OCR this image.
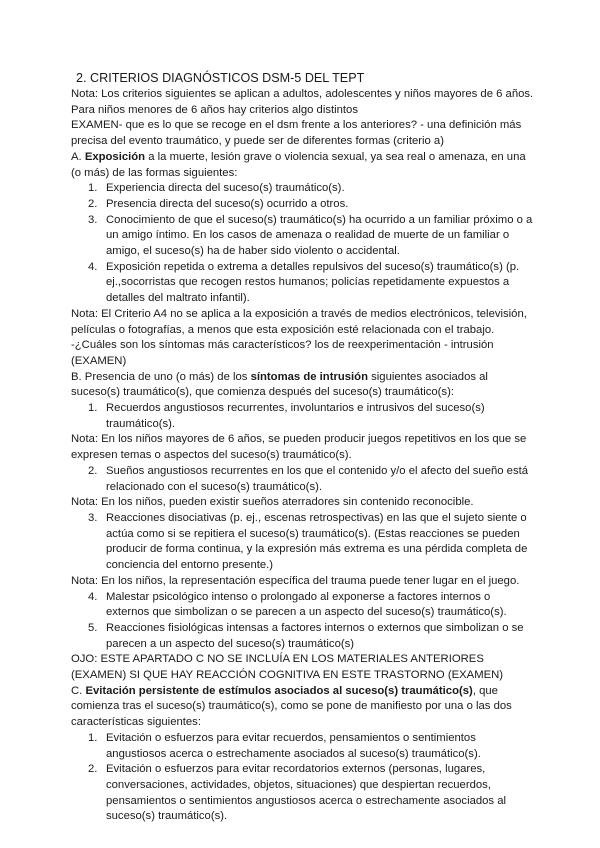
2. CRITERIOS DIAGNÓSTICOS DSM-5 DEL TEPT

Nota: Los criterios siguientes se aplican a adultos, adolescentes y niños mayores de 6 años. Para niños menores de 6 años hay criterios algo distintos

EXAMEN- que es lo que se recoge en el dsm frente a los anteriores? - una definición más precisa del evento traumático, y puede ser de diferentes formas (criterio a)

A. Exposición a la muerte, lesión grave o violencia sexual, ya sea real o amenaza, en una (o más) de las formas siguientes:

1. Experiencia directa del suceso(s) traumático(s).
2. Presencia directa del suceso(s) ocurrido a otros.
3. Conocimiento de que el suceso(s) traumático(s) ha ocurrido a un familiar próximo o a un amigo íntimo. En los casos de amenaza o realidad de muerte de un familiar o amigo, el suceso(s) ha de haber sido violento o accidental.
4. Exposición repetida o extrema a detalles repulsivos del suceso(s) traumático(s) (p. ej.,socorristas que recogen restos humanos; policías repetidamente expuestos a detalles del maltrato infantil).

Nota: El Criterio A4 no se aplica a la exposición a través de medios electrónicos, televisión, películas o fotografías, a menos que esta exposición esté relacionada con el trabajo.

-¿Cuáles son los síntomas más característicos? los de reexperimentación - intrusión (EXAMEN)

B. Presencia de uno (o más) de los síntomas de intrusión siguientes asociados al suceso(s) traumático(s), que comienza después del suceso(s) traumático(s):

1. Recuerdos angustiosos recurrentes, involuntarios e intrusivos del suceso(s) traumático(s).

Nota: En los niños mayores de 6 años, se pueden producir juegos repetitivos en los que se expresen temas o aspectos del suceso(s) traumático(s).

2. Sueños angustiosos recurrentes en los que el contenido y/o el afecto del sueño está relacionado con el suceso(s) traumático(s).

Nota: En los niños, pueden existir sueños aterradores sin contenido reconocible.

3. Reacciones disociativas (p. ej., escenas retrospectivas) en las que el sujeto siente o actúa como si se repitiera el suceso(s) traumático(s). (Estas reacciones se pueden producir de forma continua, y la expresión más extrema es una pérdida completa de conciencia del entorno presente.)

Nota: En los niños, la representación específica del trauma puede tener lugar en el juego.

4. Malestar psicológico intenso o prolongado al exponerse a factores internos o externos que simbolizan o se parecen a un aspecto del suceso(s) traumático(s).
5. Reacciones fisiológicas intensas a factores internos o externos que simbolizan o se parecen a un aspecto del suceso(s) traumático(s)

OJO: ESTE APARTADO C NO SE INCLUÍA EN LOS MATERIALES ANTERIORES (EXAMEN) SI QUE HAY REACCIÓN COGNITIVA EN ESTE TRASTORNO (EXAMEN)

C. Evitación persistente de estímulos asociados al suceso(s) traumático(s), que comienza tras el suceso(s) traumático(s), como se pone de manifiesto por una o las dos características siguientes:

1. Evitación o esfuerzos para evitar recuerdos, pensamientos o sentimientos angustiosos acerca o estrechamente asociados al suceso(s) traumático(s).
2. Evitación o esfuerzos para evitar recordatorios externos (personas, lugares, conversaciones, actividades, objetos, situaciones) que despiertan recuerdos, pensamientos o sentimientos angustiosos acerca o estrechamente asociados al suceso(s) traumático(s).
